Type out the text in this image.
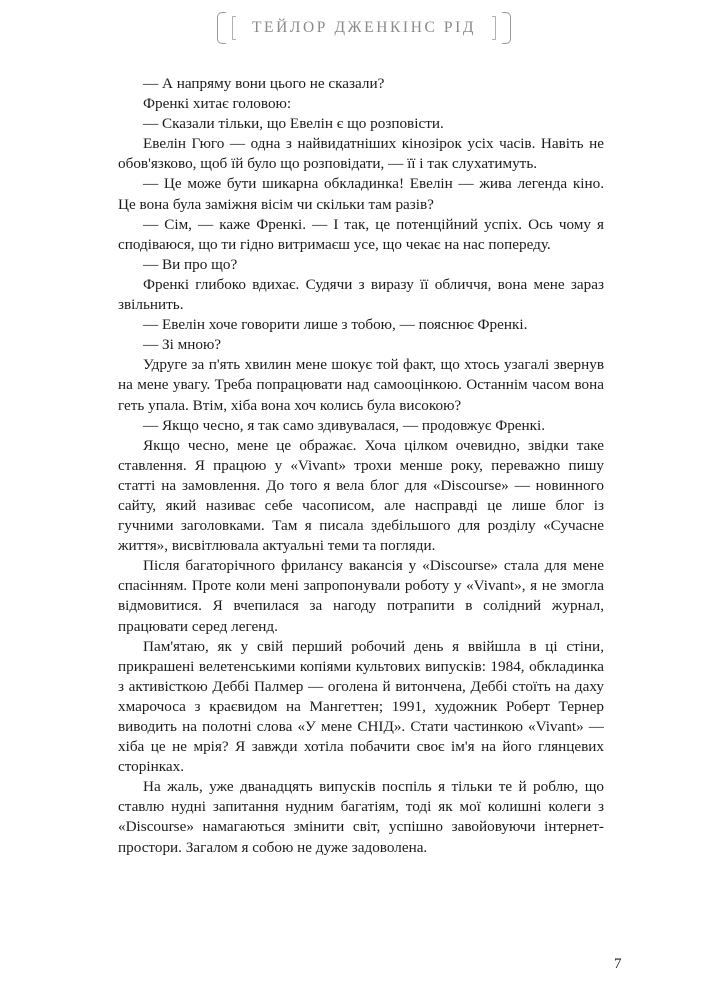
ТЕЙЛОР ДЖЕНКІНС РІД

— А напряму вони цього не сказали?

Френкі хитає головою:

— Сказали тільки, що Евелін є що розповісти.

Евелін Гюго — одна з найвидатніших кінозірок усіх часів. Навіть не обов'язково, щоб їй було що розповідати, — її і так слухатимуть.

— Це може бути шикарна обкладинка! Евелін — жива легенда кіно. Це вона була заміжня вісім чи скільки там разів?

— Сім, — каже Френкі. — І так, це потенційний успіх. Ось чому я сподіваюся, що ти гідно витримаєш усе, що чекає на нас попереду.

— Ви про що?

Френкі глибоко вдихає. Судячи з виразу її обличчя, вона мене зараз звільнить.

— Евелін хоче говорити лише з тобою, — пояснює Френкі.

— Зі мною?

Удруге за п'ять хвилин мене шокує той факт, що хтось узагалі звернув на мене увагу. Треба попрацювати над самооцінкою. Останнім часом вона геть упала. Втім, хіба вона хоч колись була високою?

— Якщо чесно, я так само здивувалася, — продовжує Френкі.

Якщо чесно, мене це ображає. Хоча цілком очевидно, звідки таке ставлення. Я працюю у «Vivant» трохи менше року, переважно пишу статті на замовлення. До того я вела блог для «Discourse» — новинного сайту, який називає себе часописом, але насправді це лише блог із гучними заголовками. Там я писала здебільшого для розділу «Сучасне життя», висвітлювала актуальні теми та погляди.

Після багаторічного фрилансу вакансія у «Discourse» стала для мене спасінням. Проте коли мені запропонували роботу у «Vivant», я не змогла відмовитися. Я вчепилася за нагоду потрапити в солідний журнал, працювати серед легенд.

Пам'ятаю, як у свій перший робочий день я ввійшла в ці стіни, прикрашені велетенськими копіями культових випусків: 1984, обкладинка з активісткою Деббі Палмер — оголена й витончена, Деббі стоїть на даху хмарочоса з краєвидом на Мангеттен; 1991, художник Роберт Тернер виводить на полотні слова «У мене СНІД». Стати частинкою «Vivant» — хіба це не мрія? Я завжди хотіла побачити своє ім'я на його глянцевих сторінках.

На жаль, уже дванадцять випусків поспіль я тільки те й роблю, що ставлю нудні запитання нудним багатіям, тоді як мої колишні колеги з «Discourse» намагаються змінити світ, успішно завойовуючи інтернет-простори. Загалом я собою не дуже задоволена.

7
